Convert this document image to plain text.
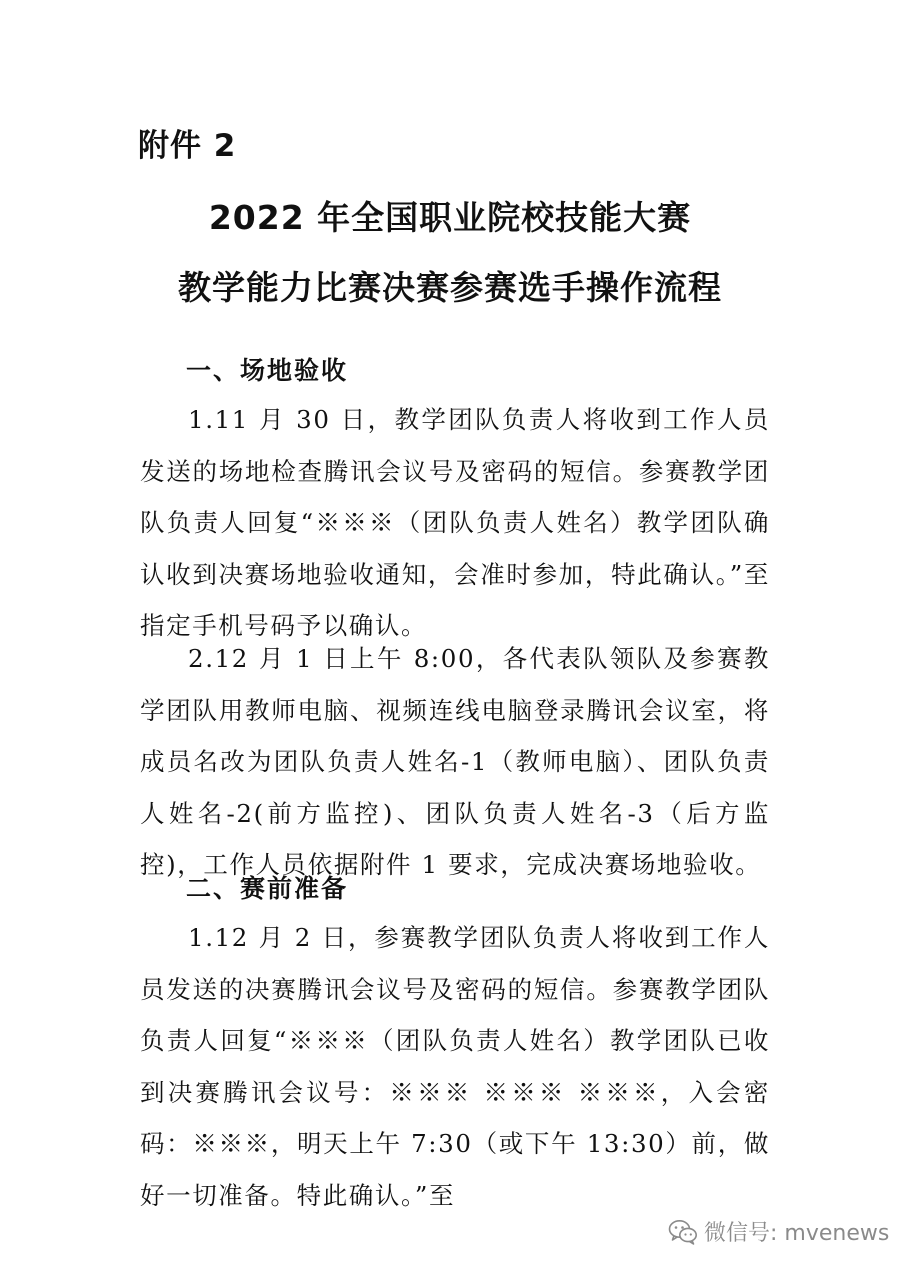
附件 2
2022 年全国职业院校技能大赛
教学能力比赛决赛参赛选手操作流程
一、场地验收
1.11 月 30 日，教学团队负责人将收到工作人员发送的场地检查腾讯会议号及密码的短信。参赛教学团队负责人回复“※※※（团队负责人姓名）教学团队确认收到决赛场地验收通知，会准时参加，特此确认。”至指定手机号码予以确认。
2.12 月 1 日上午 8:00，各代表队领队及参赛教学团队用教师电脑、视频连线电脑登录腾讯会议室，将成员名改为团队负责人姓名-1（教师电脑）、团队负责人姓名-2(前方监控)、团队负责人姓名-3（后方监控)，工作人员依据附件 1 要求，完成决赛场地验收。
二、赛前准备
1.12 月 2 日，参赛教学团队负责人将收到工作人员发送的决赛腾讯会议号及密码的短信。参赛教学团队负责人回复“※※※（团队负责人姓名）教学团队已收到决赛腾讯会议号：※※※ ※※※ ※※※，入会密码：※※※，明天上午 7:30（或下午 13:30）前，做好一切准备。特此确认。”至
微信号: mvenews
